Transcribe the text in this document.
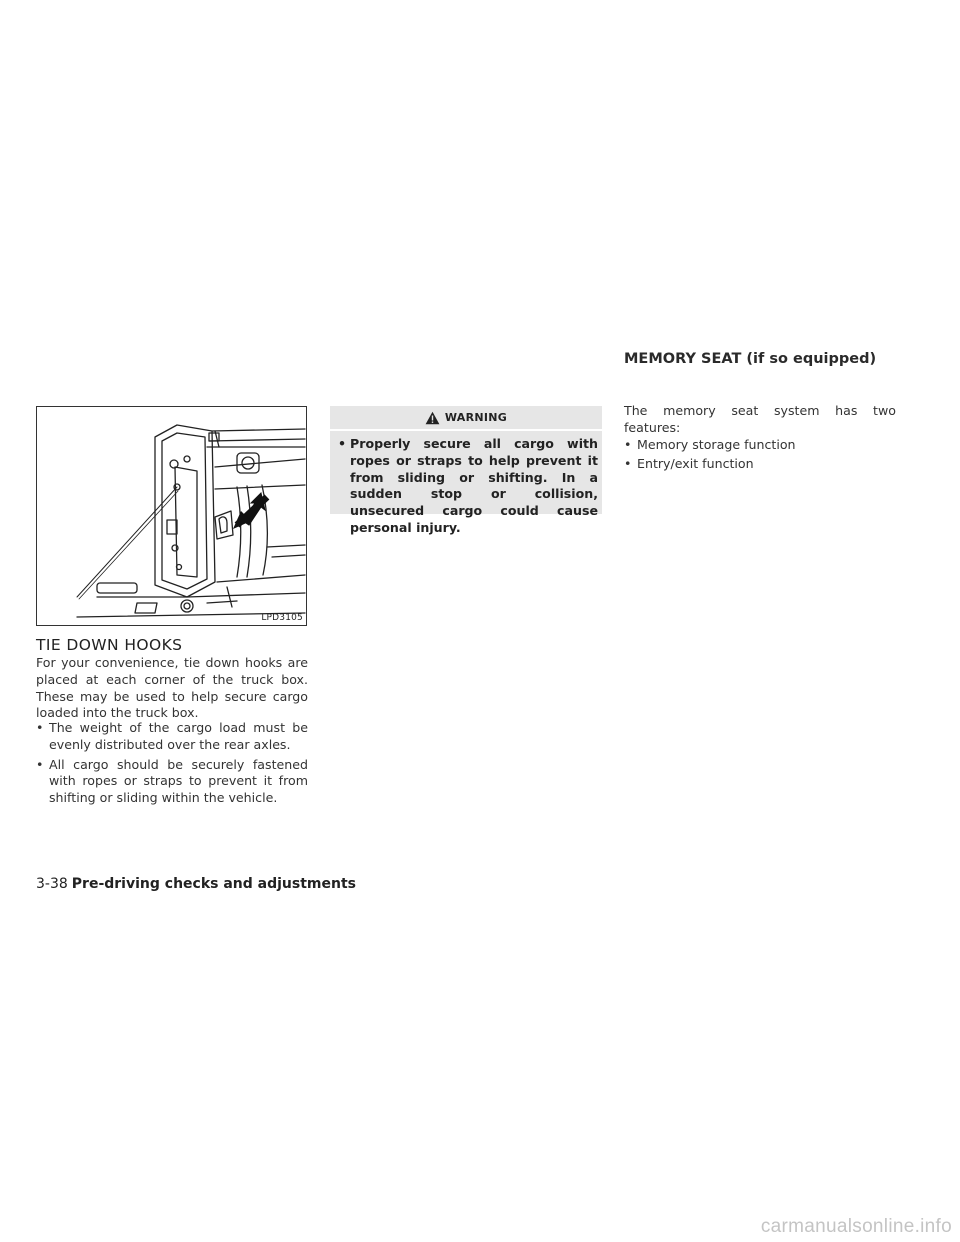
LPD3105
TIE DOWN HOOKS

For your convenience, tie down hooks are placed at each corner of the truck box. These may be used to help secure cargo loaded into the truck box.

• The weight of the cargo load must be evenly distributed over the rear axles.
• All cargo should be securely fastened with ropes or straps to prevent it from shifting or sliding within the vehicle.
WARNING
• Properly secure all cargo with ropes or straps to help prevent it from sliding or shifting. In a sudden stop or collision, unsecured cargo could cause personal injury.
MEMORY SEAT (if so equipped)

The memory seat system has two features:

• Memory storage function
• Entry/exit function
3-38 Pre-driving checks and adjustments
carmanualsonline.info
